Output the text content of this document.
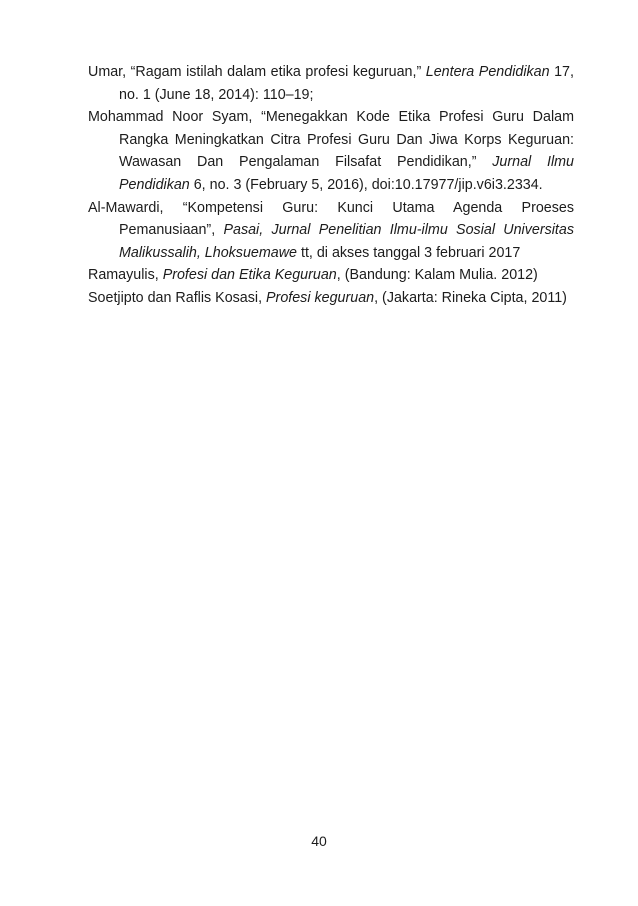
Umar, “Ragam istilah dalam etika profesi keguruan,” Lentera Pendidikan 17, no. 1 (June 18, 2014): 110–19;

Mohammad Noor Syam, “Menegakkan Kode Etika Profesi Guru Dalam Rangka Meningkatkan Citra Profesi Guru Dan Jiwa Korps Keguruan: Wawasan Dan Pengalaman Filsafat Pendidikan,” Jurnal Ilmu Pendidikan 6, no. 3 (February 5, 2016), doi:10.17977/jip.v6i3.2334.

Al-Mawardi, “Kompetensi Guru: Kunci Utama Agenda Proeses Pemanusiaan”, Pasai, Jurnal Penelitian Ilmu-ilmu Sosial Universitas Malikussalih, Lhoksuemawe tt, di akses tanggal 3 februari 2017

Ramayulis, Profesi dan Etika Keguruan, (Bandung: Kalam Mulia. 2012)

Soetjipto dan Raflis Kosasi, Profesi keguruan, (Jakarta: Rineka Cipta, 2011)

40
